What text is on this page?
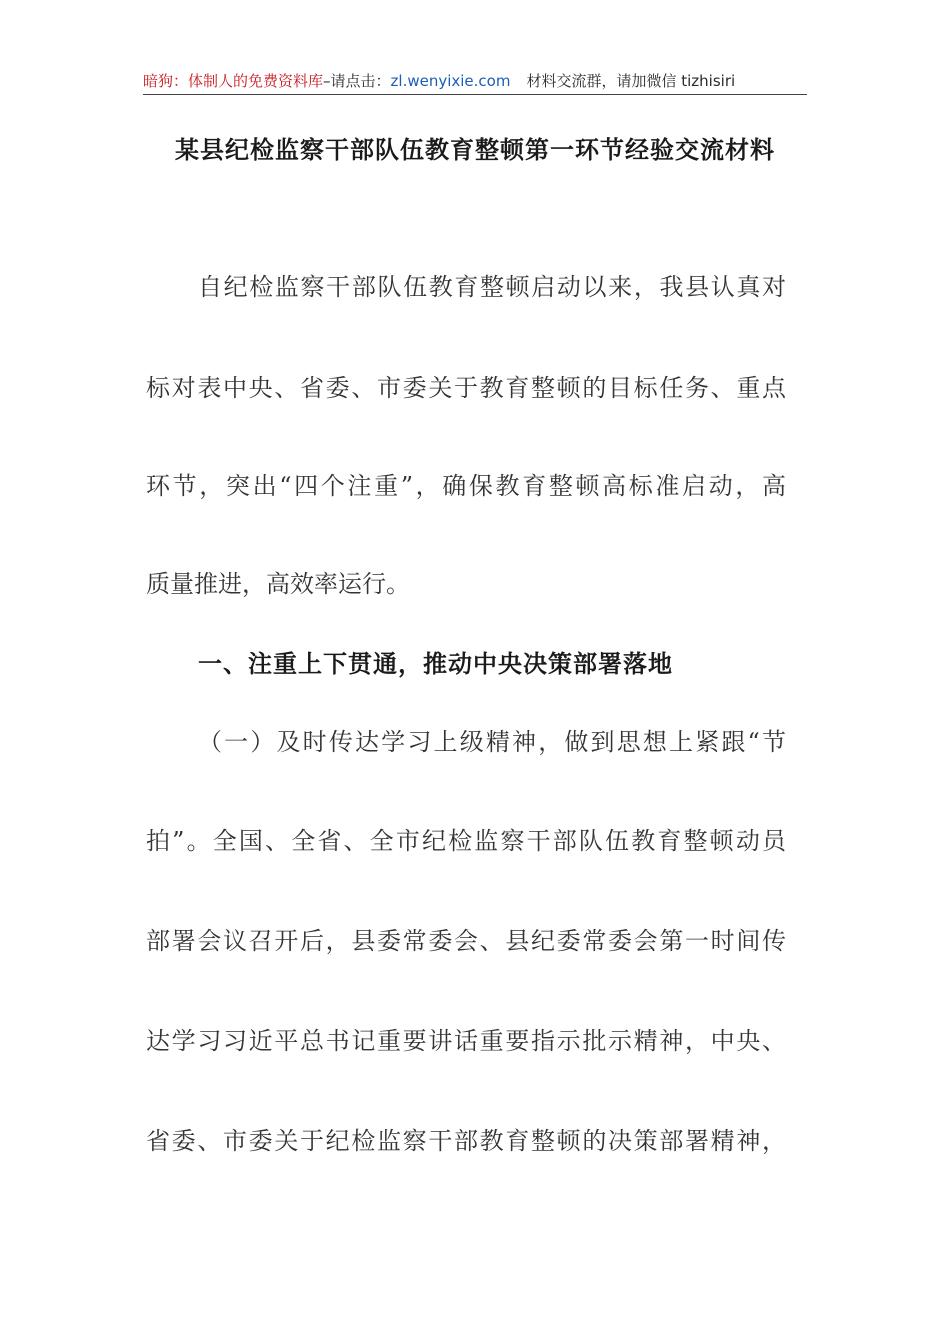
暗狗：体制人的免费资料库–请点击：zl.wenyixie.com 材料交流群，请加微信 tizhisiri
某县纪检监察干部队伍教育整顿第一环节经验交流材料
自纪检监察干部队伍教育整顿启动以来，我县认真对
标对表中央、省委、市委关于教育整顿的目标任务、重点
环节，突出“四个注重”，确保教育整顿高标准启动，高
质量推进，高效率运行。
一、注重上下贯通，推动中央决策部署落地
（一）及时传达学习上级精神，做到思想上紧跟“节
拍”。全国、全省、全市纪检监察干部队伍教育整顿动员
部署会议召开后，县委常委会、县纪委常委会第一时间传
达学习习近平总书记重要讲话重要指示批示精神，中央、
省委、市委关于纪检监察干部教育整顿的决策部署精神，
